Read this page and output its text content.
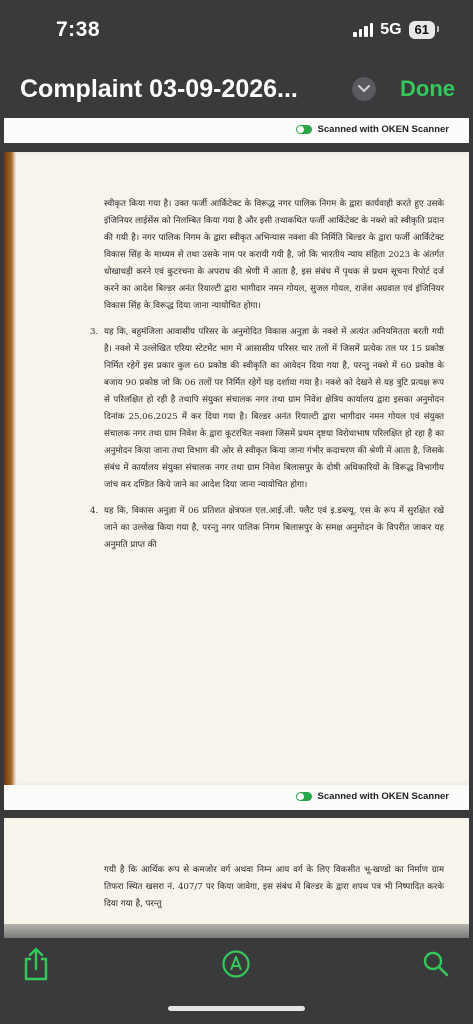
7:38	5G	61
Complaint 03-09-2026...	Done
Scanned with OKEN Scanner

स्वीकृत किया गया है। उक्त फर्जी आर्किटेक्ट के विरूद्ध नगर पालिक निगम के द्वारा कार्यवाही करते हुए उसके इंजिनियर लाईसेंस को निलम्बित किया गया है और इसी तथाकथित फर्जी आर्किटेक्ट के नक्शे को स्वीकृति प्रदान की गयी है। नगर पालिक निगम के द्वारा स्वीकृत अभिन्यास नक्शा की निर्मिति बिल्डर के द्वारा फर्जी आर्किटेक्ट विकास सिंह के माध्यम से तथा उसके नाम पर करायी गयी है, जो कि भारतीय न्याय संहिता 2023 के अंतर्गत धोखाधड़ी करने एवं कुटरचना के अपराध की श्रेणी में आता है, इस संबंध में पृथक से प्रथम सूचना रिपोर्ट दर्ज करने का आदेश बिल्डर अनंत रियाल्टी द्वारा भागीदार नमन गोयल, सुजल गोयल, राजेश अग्रवाल एवं इंजिनियर विकास सिंह के विरूद्ध दिया जाना न्यायोचित होगा।

3. यह कि, बहुमंजिला आवासीय परिसर के अनुमोदित विकास अनुज्ञा के नक्शे में अत्यंत अनियमितता बरती गयी है। नक्शे में उल्लेखित एरिया स्टेटमेंट भाग में आसासीय परिसर चार तलों में जिसमें प्रत्येक तल पर 15 प्रकोष्ठ निर्मित रहेगें इस प्रकार कुल 60 प्रकोष्ठ की स्वीकृति का आवेदन दिया गया है, परन्तु नक्शे में 60 प्रकोष्ठ के बजाय 90 प्रकोष्ठ जो कि 06 तलों पर निर्मित रहेगें यह दर्शाया गया है। नक्शे को देखने से यह त्रुटि प्रत्यक्ष रूप से परिलक्षित हो रही है तथापि संयुक्त संचालक नगर तथा ग्राम निवेश क्षेत्रिय कार्यालय द्वारा इसका अनुमोदन दिनांक 25.06.2025 में कर दिया गया है। बिल्डर अनंत रियाल्टी द्वारा भागीदार नमन गोयल एवं संयुक्त संचालक नगर तथा ग्राम निवेश के द्वारा कूटरचित नक्शा जिसमें प्रथम दृष्टया विरोधाभाष परिलक्षित हो रहा है का अनुमोदन किया जाना तथा विभाग की ओर से स्वीकृत किया जाना गंभीर कदाचरण की श्रेणी में आता है, जिसके संबंध में कार्यालय संयुक्त संचालक नगर तथा ग्राम निवेश बिलासपुर के दोषी अधिकारियों के विरूद्ध विभागीय जांच कर दण्डित किये जाने का आदेश दिया जाना न्यायोचित होगा।

4. यह कि, विकास अनुज्ञा में 06 प्रतिशत क्षेत्रफल एल.आई.जी. फ्लैट एवं इ.डब्ल्यू. एस के रूप में सुरक्षित रखे जाने का उल्लेख किया गया है, परन्तु नगर पालिक निगम बिलासपुर के समक्ष अनुमोदन के विपरीत जाकर यह अनुमति प्राप्त की

Scanned with OKEN Scanner

गयी है कि आर्थिक रूप से कमजोर वर्ग अथवा निम्न आय वर्ग के लिए विकसीत भू-खण्डो का निर्माण ग्राम तिफरा स्थित खसरा नं. 407/7 पर किया जावेगा, इस संबंध में बिल्डर के द्वारा शपथ पत्र भी निष्पादित करके दिया गया है, परन्तु
